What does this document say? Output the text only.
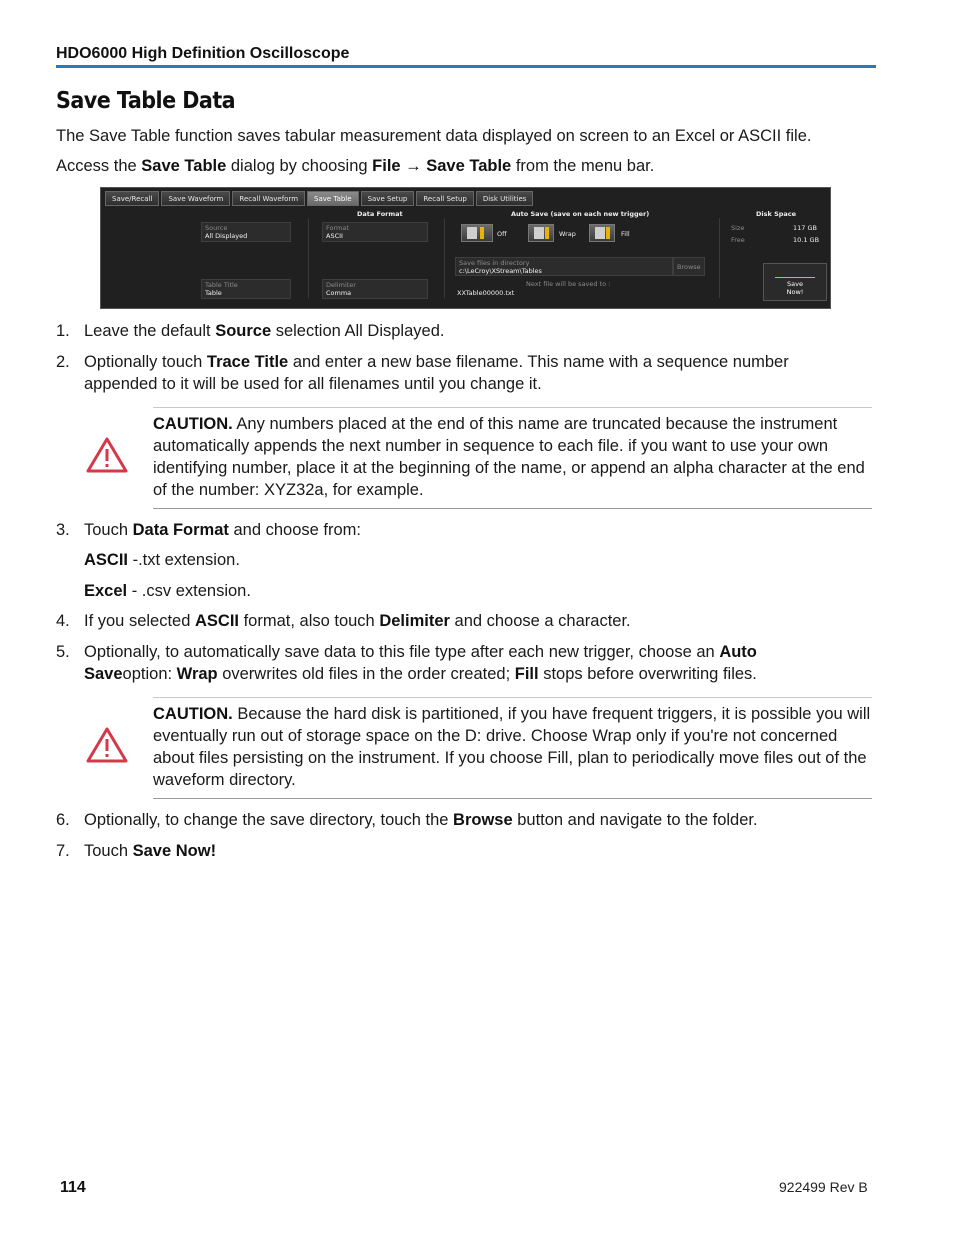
HDO6000 High Definition Oscilloscope
Save Table Data
The Save Table function saves tabular measurement data displayed on screen to an Excel or ASCII file.
Access the Save Table dialog by choosing File → Save Table from the menu bar.
Save/Recall	Save Waveform	Recall Waveform	Save Table	Save Setup	Recall Setup	Disk Utilities
Data Format	Auto Save (save on each new trigger)	Disk Space
Source
All Displayed
Format
ASCII
Table Title
Table
Delimiter
Comma
Off	Wrap	Fill
Save files in directory
c:\LeCroy\XStream\Tables	Browse
Next file will be saved to :
XXTable00000.txt
Size	117 GB
Free	10.1 GB
Save
Now!
1. Leave the default Source selection All Displayed.
2. Optionally touch Trace Title and enter a new base filename. This name with a sequence number
appended to it will be used for all filenames until you change it.
CAUTION. Any numbers placed at the end of this name are truncated because the instrument automatically appends the next number in sequence to each file. if you want to use your own identifying number, place it at the beginning of the name, or append an alpha character at the end of the number: XYZ32a, for example.
3. Touch Data Format and choose from:
ASCII -.txt extension.
Excel - .csv extension.
4. If you selected ASCII format, also touch Delimiter and choose a character.
5. Optionally, to automatically save data to this file type after each new trigger, choose an Auto
Saveoption: Wrap overwrites old files in the order created; Fill stops before overwriting files.
CAUTION. Because the hard disk is partitioned, if you have frequent triggers, it is possible you will eventually run out of storage space on the D: drive. Choose Wrap only if you're not concerned about files persisting on the instrument. If you choose Fill, plan to periodically move files out of the waveform directory.
6. Optionally, to change the save directory, touch the Browse button and navigate to the folder.
7. Touch Save Now!
114	922499 Rev B
